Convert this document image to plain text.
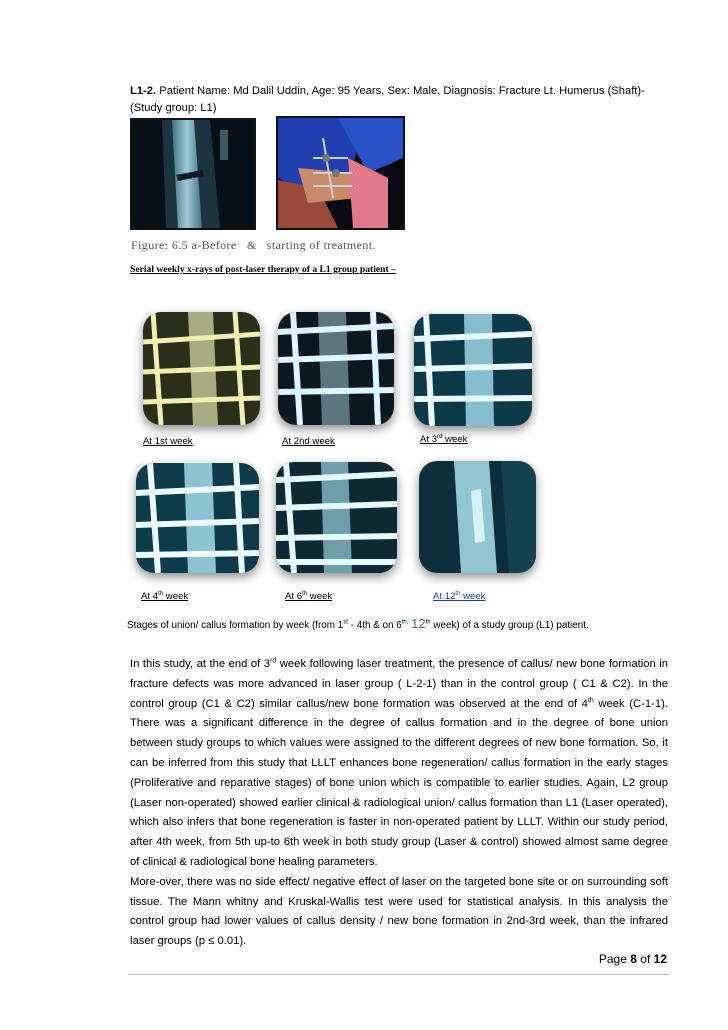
L1-2. Patient Name: Md Dalil Uddin, Age: 95 Years, Sex: Male, Diagnosis: Fracture Lt. Humerus (Shaft)-(Study group: L1)
Figure: 6.5 a-Before & starting of treatment.
Serial weekly x-rays of post-laser therapy of a L1 group patient –
At 1st week	At 2nd week	At 3rd week
At 4th week	At 6th week	At 12th week
Stages of union/ callus formation by week (from 1st - 4th & on $6^{th,}$ 12th week) of a study group (L1) patient.

In this study, at the end of 3rd week following laser treatment, the presence of callus/ new bone formation in fracture defects was more advanced in laser group ( L-2-1) than in the control group ( C1 & C2). In the control group (C1 & C2) similar callus/new bone formation was observed at the end of 4th week (C-1-1). There was a significant difference in the degree of callus formation and in the degree of bone union between study groups to which values were assigned to the different degrees of new bone formation. So, it can be inferred from this study that LLLT enhances bone regeneration/ callus formation in the early stages (Proliferative and reparative stages) of bone union which is compatible to earlier studies. Again, L2 group (Laser non-operated) showed earlier clinical & radiological union/ callus formation than L1 (Laser operated), which also infers that bone regeneration is faster in non-operated patient by LLLT. Within our study period, after 4th week, from 5th up-to 6th week in both study group (Laser & control) showed almost same degree of clinical & radiological bone healing parameters.

More-over, there was no side effect/ negative effect of laser on the targeted bone site or on surrounding soft tissue. The Mann whitny and Kruskal-Wallis test were used for statistical analysis. In this analysis the control group had lower values of callus density / new bone formation in 2nd-3rd week, than the infrared laser groups (p ≤ 0.01).

Page 8 of 12
